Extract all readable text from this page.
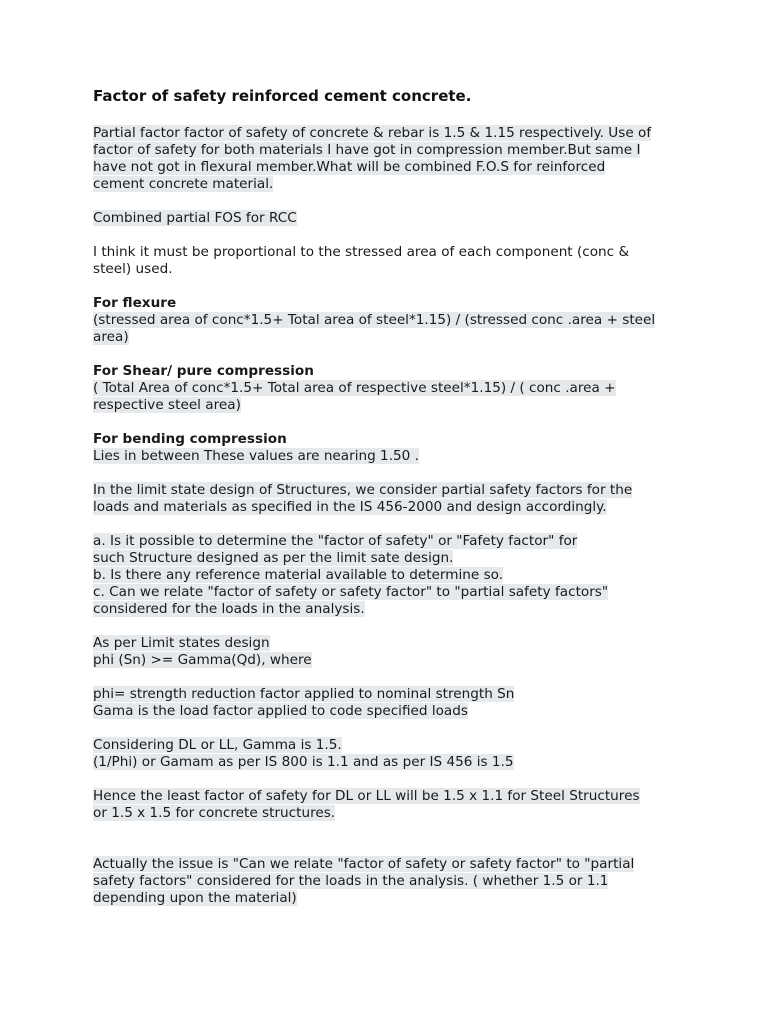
Factor of safety reinforced cement concrete.
Partial factor factor of safety of concrete & rebar is 1.5 & 1.15 respectively. Use of
factor of safety for both materials I have got in compression member.But same I
have not got in flexural member.What will be combined F.O.S for reinforced
cement concrete material.
Combined partial FOS for RCC
I think it must be proportional to the stressed area of each component (conc &
steel) used.
For flexure
(stressed area of conc*1.5+ Total area of steel*1.15) / (stressed conc .area + steel
area)
For Shear/ pure compression
( Total Area of conc*1.5+ Total area of respective steel*1.15) / ( conc .area +
respective steel area)
For bending compression
Lies in between These values are nearing 1.50 .
In the limit state design of Structures, we consider partial safety factors for the
loads and materials as specified in the IS 456-2000 and design accordingly.
a. Is it possible to determine the "factor of safety" or "Fafety factor" for
such Structure designed as per the limit sate design.
b. Is there any reference material available to determine so.
c. Can we relate "factor of safety or safety factor" to "partial safety factors"
considered for the loads in the analysis.
As per Limit states design
phi (Sn) >= Gamma(Qd), where
phi= strength reduction factor applied to nominal strength Sn
Gama is the load factor applied to code specified loads
Considering DL or LL, Gamma is 1.5.
(1/Phi) or Gamam as per IS 800 is 1.1 and as per IS 456 is 1.5
Hence the least factor of safety for DL or LL will be 1.5 x 1.1 for Steel Structures
or 1.5 x 1.5 for concrete structures.
Actually the issue is "Can we relate "factor of safety or safety factor" to "partial
safety factors" considered for the loads in the analysis. ( whether 1.5 or 1.1
depending upon the material)
